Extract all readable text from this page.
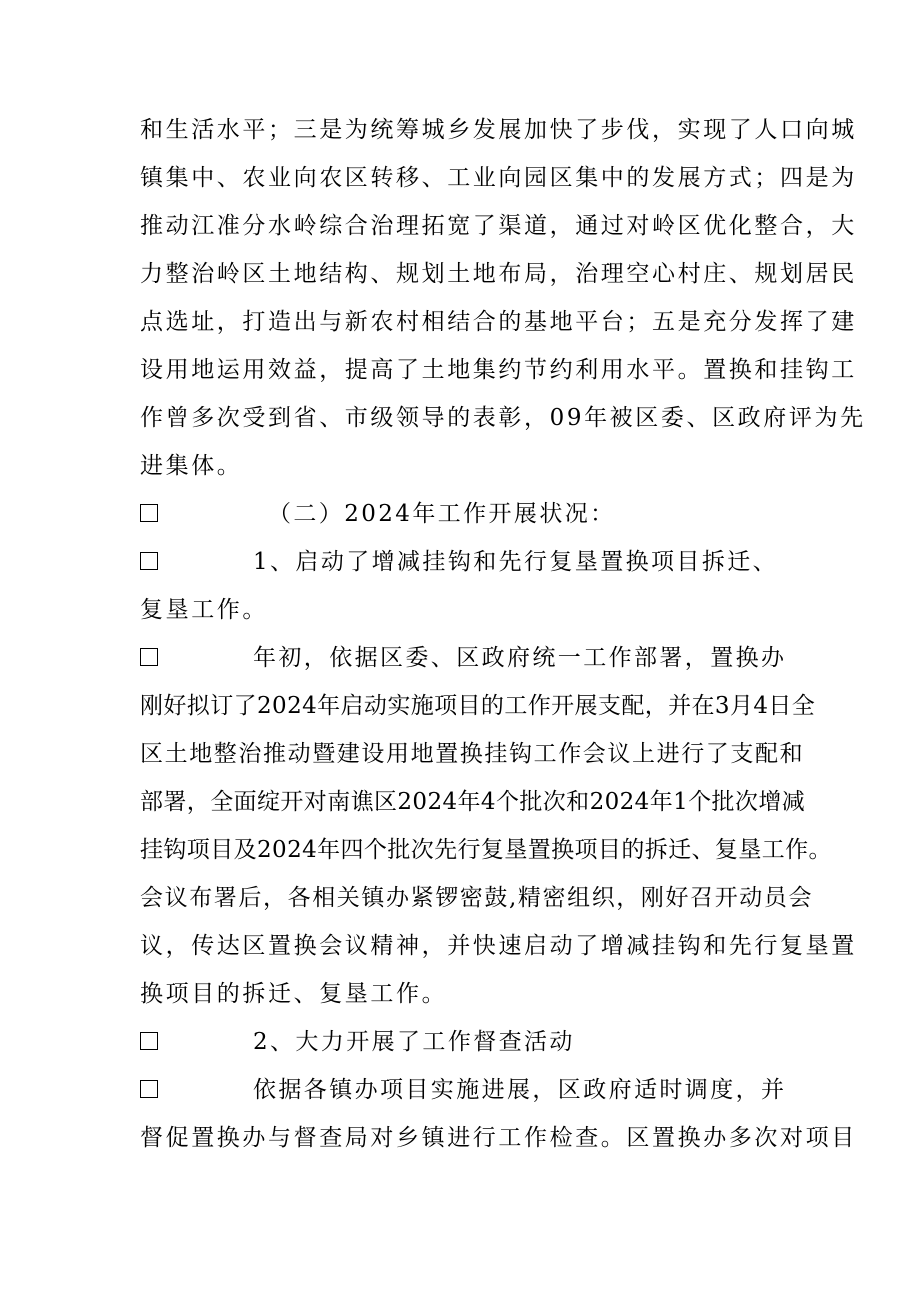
和生活水平；三是为统筹城乡发展加快了步伐，实现了人口向城
镇集中、农业向农区转移、工业向园区集中的发展方式；四是为
推动江准分水岭综合治理拓宽了渠道，通过对岭区优化整合，大
力整治岭区土地结构、规划土地布局，治理空心村庄、规划居民
点选址，打造出与新农村相结合的基地平台；五是充分发挥了建
设用地运用效益，提高了土地集约节约利用水平。置换和挂钩工
作曾多次受到省、市级领导的表彰，09年被区委、区政府评为先
进集体。
（二）2024年工作开展状况：
1、启动了增减挂钩和先行复垦置换项目拆迁、
复垦工作。
年初，依据区委、区政府统一工作部署，置换办
刚好拟订了2024年启动实施项目的工作开展支配，并在3月4日全
区土地整治推动暨建设用地置换挂钩工作会议上进行了支配和
部署，全面绽开对南谯区2024年4个批次和2024年1个批次增减
挂钩项目及2024年四个批次先行复垦置换项目的拆迁、复垦工作。
会议布署后，各相关镇办紧锣密鼓,精密组织，刚好召开动员会
议，传达区置换会议精神，并快速启动了增减挂钩和先行复垦置
换项目的拆迁、复垦工作。
2、大力开展了工作督查活动
依据各镇办项目实施进展，区政府适时调度，并
督促置换办与督查局对乡镇进行工作检查。区置换办多次对项目
